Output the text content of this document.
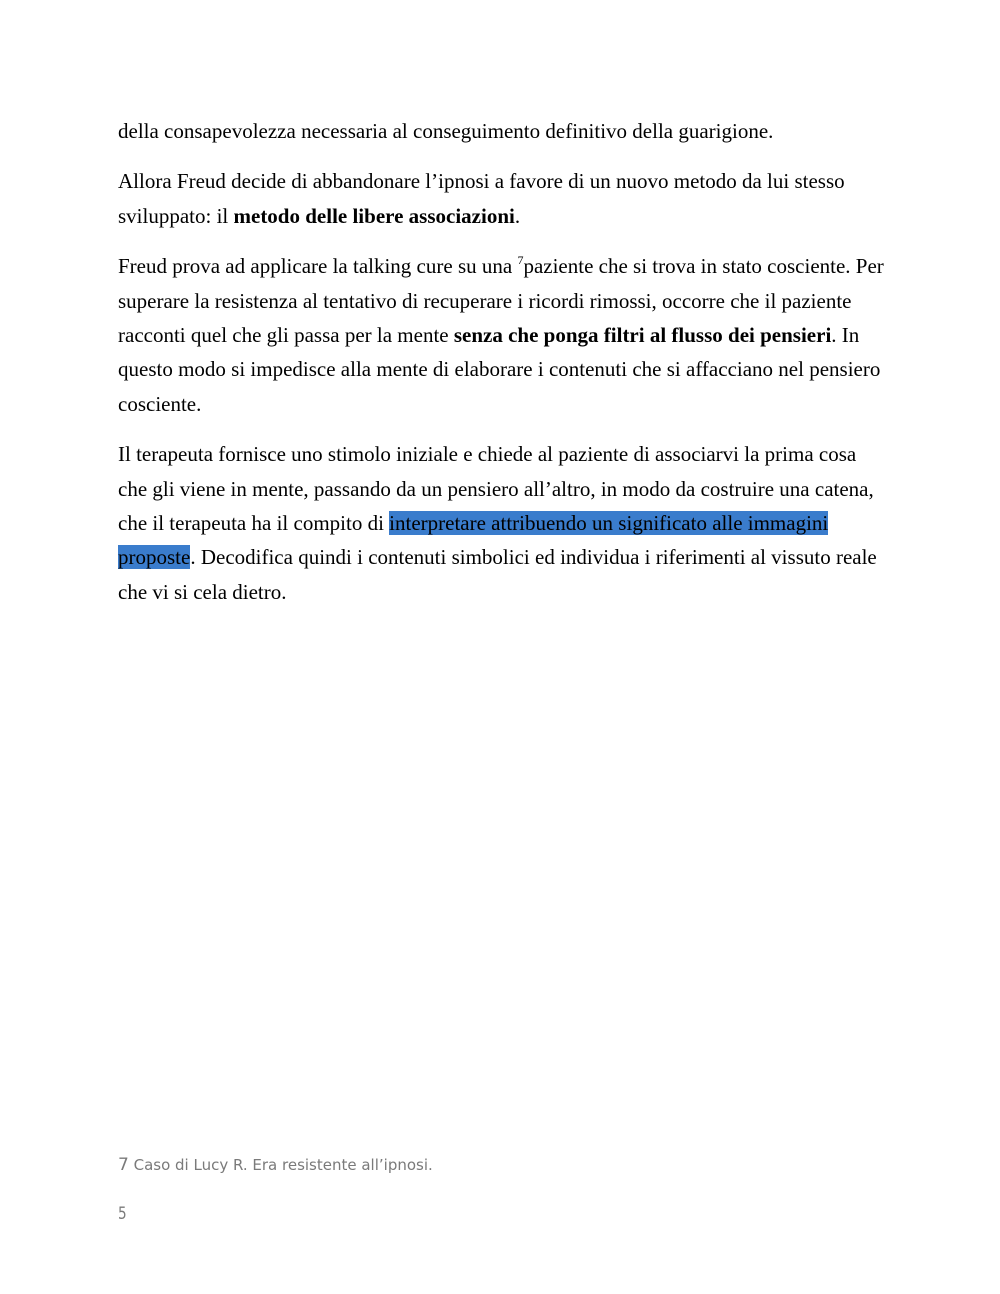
della consapevolezza necessaria al conseguimento definitivo della guarigione.

Allora Freud decide di abbandonare l’ipnosi a favore di un nuovo metodo da lui stesso sviluppato: il metodo delle libere associazioni.

Freud prova ad applicare la talking cure su una $^7$paziente che si trova in stato cosciente. Per superare la resistenza al tentativo di recuperare i ricordi rimossi, occorre che il paziente racconti quel che gli passa per la mente senza che ponga filtri al flusso dei pensieri. In questo modo si impedisce alla mente di elaborare i contenuti che si affacciano nel pensiero cosciente.

Il terapeuta fornisce uno stimolo iniziale e chiede al paziente di associarvi la prima cosa che gli viene in mente, passando da un pensiero all’altro, in modo da costruire una catena, che il terapeuta ha il compito di interpretare attribuendo un significato alle immagini proposte. Decodifica quindi i contenuti simbolici ed individua i riferimenti al vissuto reale che vi si cela dietro.

7 Caso di Lucy R. Era resistente all’ipnosi.
5
